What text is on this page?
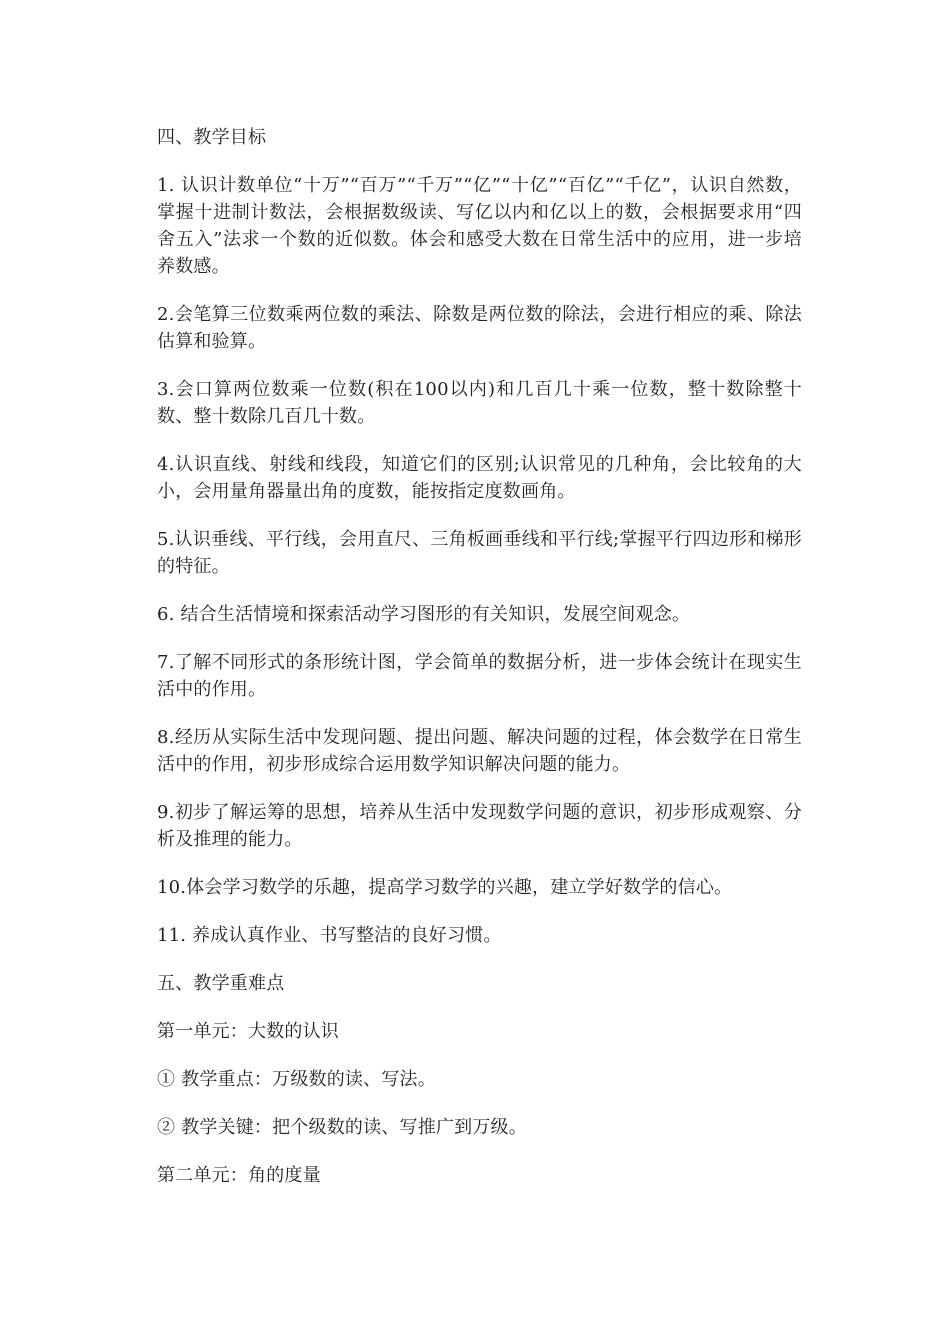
四、教学目标

1. 认识计数单位“十万”“百万”“千万”“亿”“十亿”“百亿”“千亿”，认识自然数，掌握十进制计数法，会根据数级读、写亿以内和亿以上的数，会根据要求用“四舍五入”法求一个数的近似数。体会和感受大数在日常生活中的应用，进一步培养数感。

2.会笔算三位数乘两位数的乘法、除数是两位数的除法，会进行相应的乘、除法估算和验算。

3.会口算两位数乘一位数(积在100以内)和几百几十乘一位数，整十数除整十数、整十数除几百几十数。

4.认识直线、射线和线段，知道它们的区别;认识常见的几种角，会比较角的大小，会用量角器量出角的度数，能按指定度数画角。

5.认识垂线、平行线，会用直尺、三角板画垂线和平行线;掌握平行四边形和梯形的特征。

6. 结合生活情境和探索活动学习图形的有关知识，发展空间观念。

7.了解不同形式的条形统计图，学会简单的数据分析，进一步体会统计在现实生活中的作用。

8.经历从实际生活中发现问题、提出问题、解决问题的过程，体会数学在日常生活中的作用，初步形成综合运用数学知识解决问题的能力。

9.初步了解运筹的思想，培养从生活中发现数学问题的意识，初步形成观察、分析及推理的能力。

10.体会学习数学的乐趣，提高学习数学的兴趣，建立学好数学的信心。

11. 养成认真作业、书写整洁的良好习惯。

五、教学重难点

第一单元：大数的认识

① 教学重点：万级数的读、写法。

② 教学关键：把个级数的读、写推广到万级。

第二单元：角的度量
